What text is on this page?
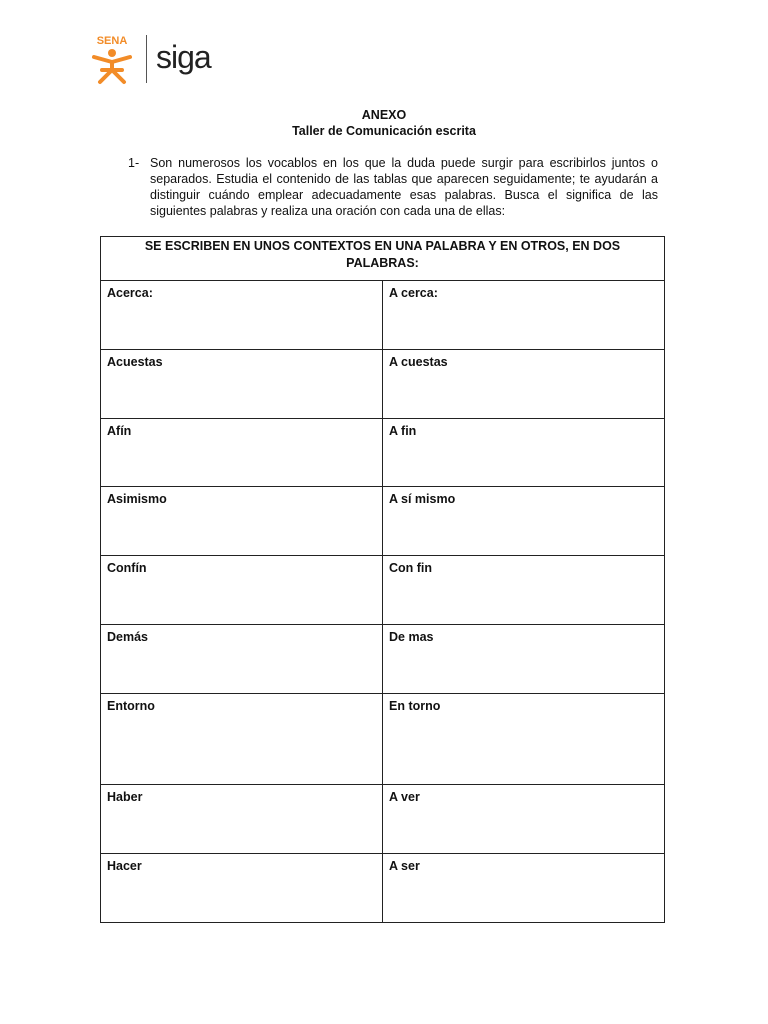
SENA siga
ANEXO
Taller de Comunicación escrita
1- Son numerosos los vocablos en los que la duda puede surgir para escribirlos juntos o separados. Estudia el contenido de las tablas que aparecen seguidamente; te ayudarán a distinguir cuándo emplear adecuadamente esas palabras. Busca el significa de las siguientes palabras y realiza una oración con cada una de ellas:
SE ESCRIBEN EN UNOS CONTEXTOS EN UNA PALABRA Y EN OTROS, EN DOS PALABRAS:	
Acerca:	A cerca:
Acuestas	A cuestas
Afín	A fin
Asimismo	A sí mismo
Confín	Con fin
Demás	De mas
Entorno	En torno
Haber	A ver
Hacer	A ser
